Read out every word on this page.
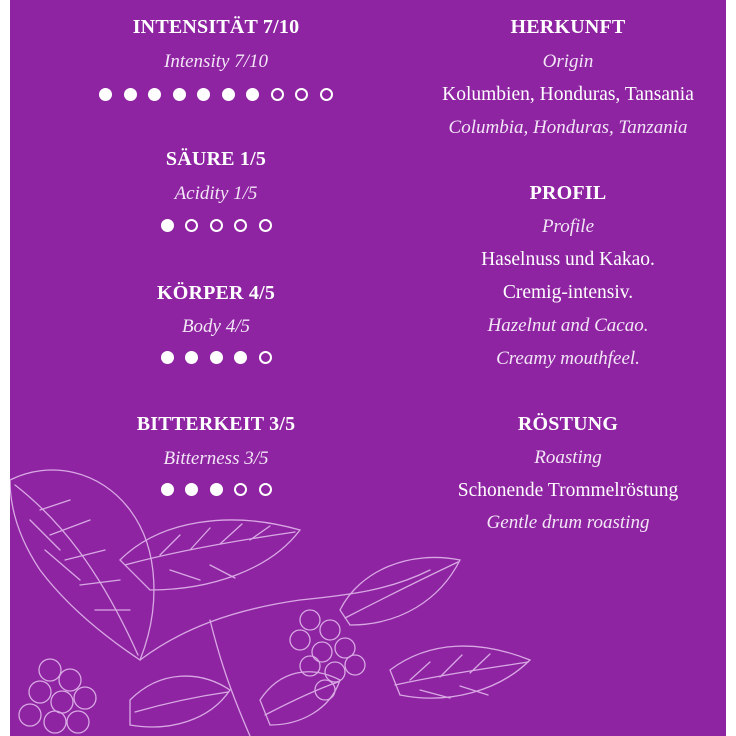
INTENSITÄT 7/10
Intensity 7/10
SÄURE 1/5
Acidity 1/5
KÖRPER 4/5
Body 4/5
BITTERKEIT 3/5
Bitterness 3/5
HERKUNFT
Origin
Kolumbien, Honduras, Tansania
Columbia, Honduras, Tanzania
PROFIL
Profile
Haselnuss und Kakao.
Cremig-intensiv.
Hazelnut and Cacao.
Creamy mouthfeel.
RÖSTUNG
Roasting
Schonende Trommelröstung
Gentle drum roasting
